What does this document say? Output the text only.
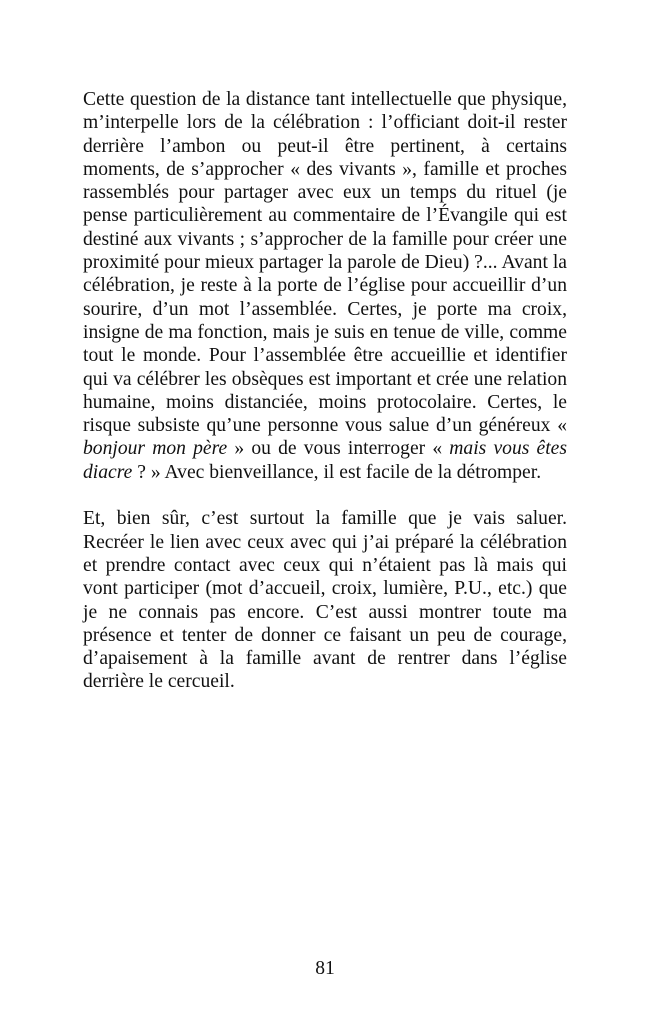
Cette question de la distance tant intellectuelle que physique, m’interpelle lors de la célébration : l’officiant doit-il rester derrière l’ambon ou peut-il être pertinent, à certains moments, de s’approcher « des vivants », famille et proches rassemblés pour partager avec eux un temps du rituel (je pense particulièrement au commentaire de l’Évangile qui est destiné aux vivants ; s’approcher de la famille pour créer une proximité pour mieux partager la parole de Dieu) ?... Avant la célébration, je reste à la porte de l’église pour accueillir d’un sourire, d’un mot l’assemblée. Certes, je porte ma croix, insigne de ma fonction, mais je suis en tenue de ville, comme tout le monde. Pour l’assemblée être accueillie et identifier qui va célébrer les obsèques est important et crée une relation humaine, moins distanciée, moins protocolaire. Certes, le risque subsiste qu’une personne vous salue d’un généreux « bonjour mon père » ou de vous interroger « mais vous êtes diacre ? » Avec bienveillance, il est facile de la détromper.

Et, bien sûr, c’est surtout la famille que je vais saluer. Recréer le lien avec ceux avec qui j’ai préparé la célébration et prendre contact avec ceux qui n’étaient pas là mais qui vont participer (mot d’accueil, croix, lumière, P.U., etc.) que je ne connais pas encore. C’est aussi montrer toute ma présence et tenter de donner ce faisant un peu de courage, d’apaisement à la famille avant de rentrer dans l’église derrière le cercueil.

81
